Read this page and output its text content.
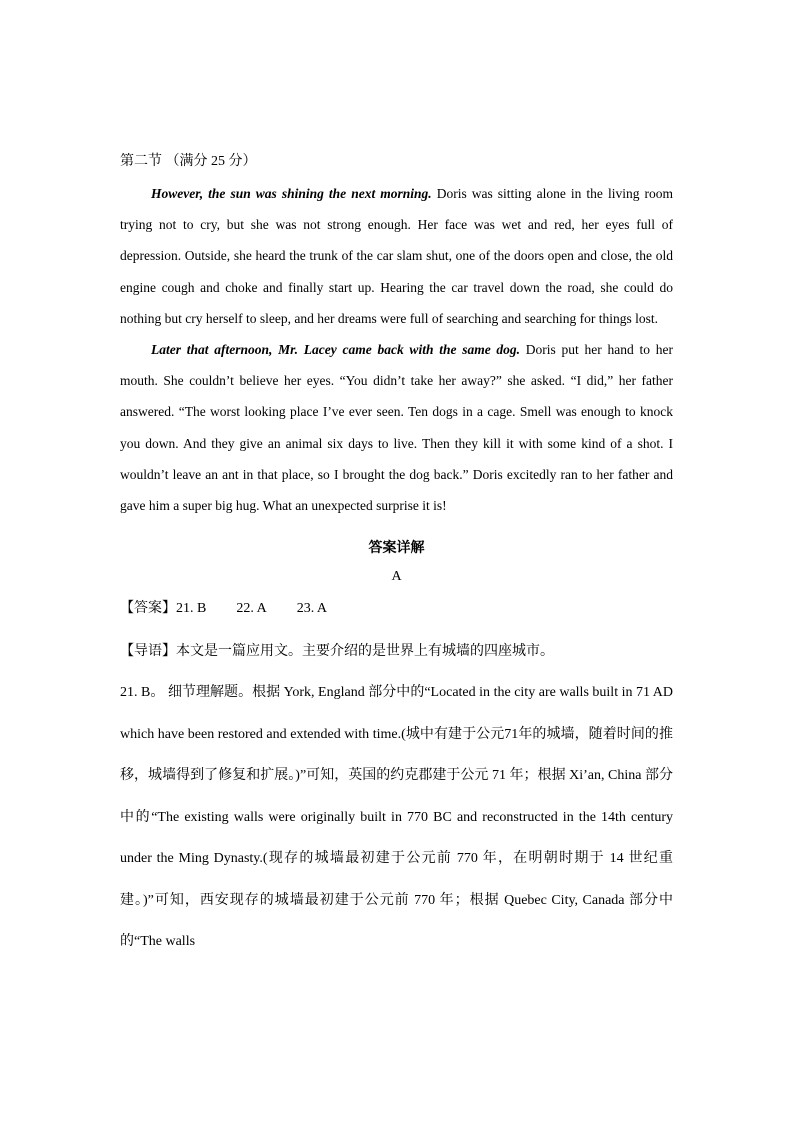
第二节 （满分 25 分）

However, the sun was shining the next morning. Doris was sitting alone in the living room trying not to cry, but she was not strong enough. Her face was wet and red, her eyes full of depression. Outside, she heard the trunk of the car slam shut, one of the doors open and close, the old engine cough and choke and finally start up. Hearing the car travel down the road, she could do nothing but cry herself to sleep, and her dreams were full of searching and searching for things lost.

Later that afternoon, Mr. Lacey came back with the same dog. Doris put her hand to her mouth. She couldn’t believe her eyes. “You didn’t take her away?” she asked. “I did,” her father answered. “The worst looking place I’ve ever seen. Ten dogs in a cage. Smell was enough to knock you down. And they give an animal six days to live. Then they kill it with some kind of a shot. I wouldn’t leave an ant in that place, so I brought the dog back.” Doris excitedly ran to her father and gave him a super big hug. What an unexpected surprise it is!

答案详解

A

【答案】21. B 22. A 23. A

【导语】本文是一篇应用文。主要介绍的是世界上有城墙的四座城市。

21. B。 细节理解题。根据 York, England 部分中的“Located in the city are walls built in 71 AD which have been restored and extended with time.(城中有建于公元71年的城墙，随着时间的推移，城墙得到了修复和扩展。)”可知，英国的约克郡建于公元 71 年；根据 Xi’an, China 部分中的“The existing walls were originally built in 770 BC and reconstructed in the 14th century under the Ming Dynasty.(现存的城墙最初建于公元前 770 年，在明朝时期于 14 世纪重建。)”可知，西安现存的城墙最初建于公元前 770 年；根据 Quebec City, Canada 部分中的“The walls
